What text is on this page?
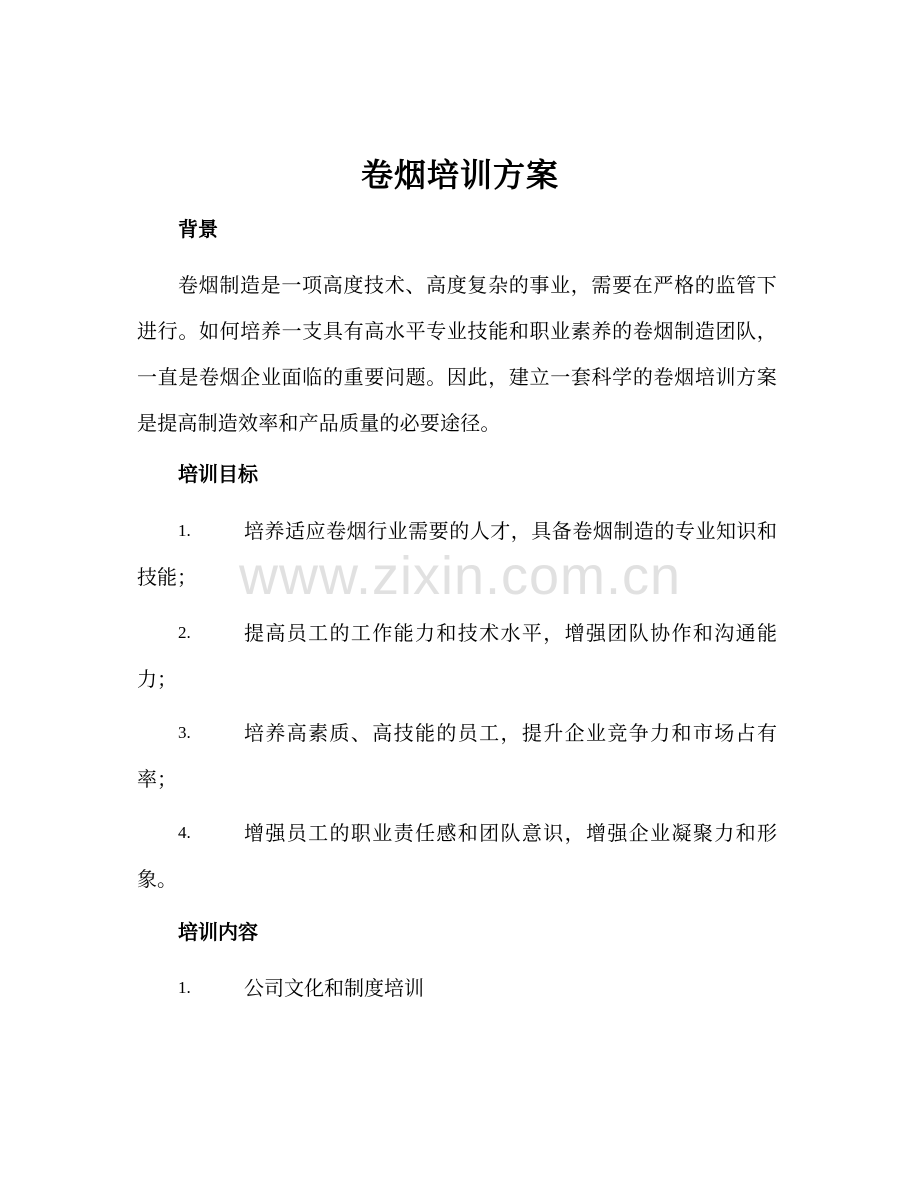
卷烟培训方案
背景
卷烟制造是一项高度技术、高度复杂的事业，需要在严格的监管下进行。如何培养一支具有高水平专业技能和职业素养的卷烟制造团队，一直是卷烟企业面临的重要问题。因此，建立一套科学的卷烟培训方案是提高制造效率和产品质量的必要途径。
培训目标
1.	培养适应卷烟行业需要的人才，具备卷烟制造的专业知识和技能；
2.	提高员工的工作能力和技术水平，增强团队协作和沟通能力；
3.	培养高素质、高技能的员工，提升企业竞争力和市场占有率；
4.	增强员工的职业责任感和团队意识，增强企业凝聚力和形象。
培训内容
1.	公司文化和制度培训
www.zixin.com.cn
